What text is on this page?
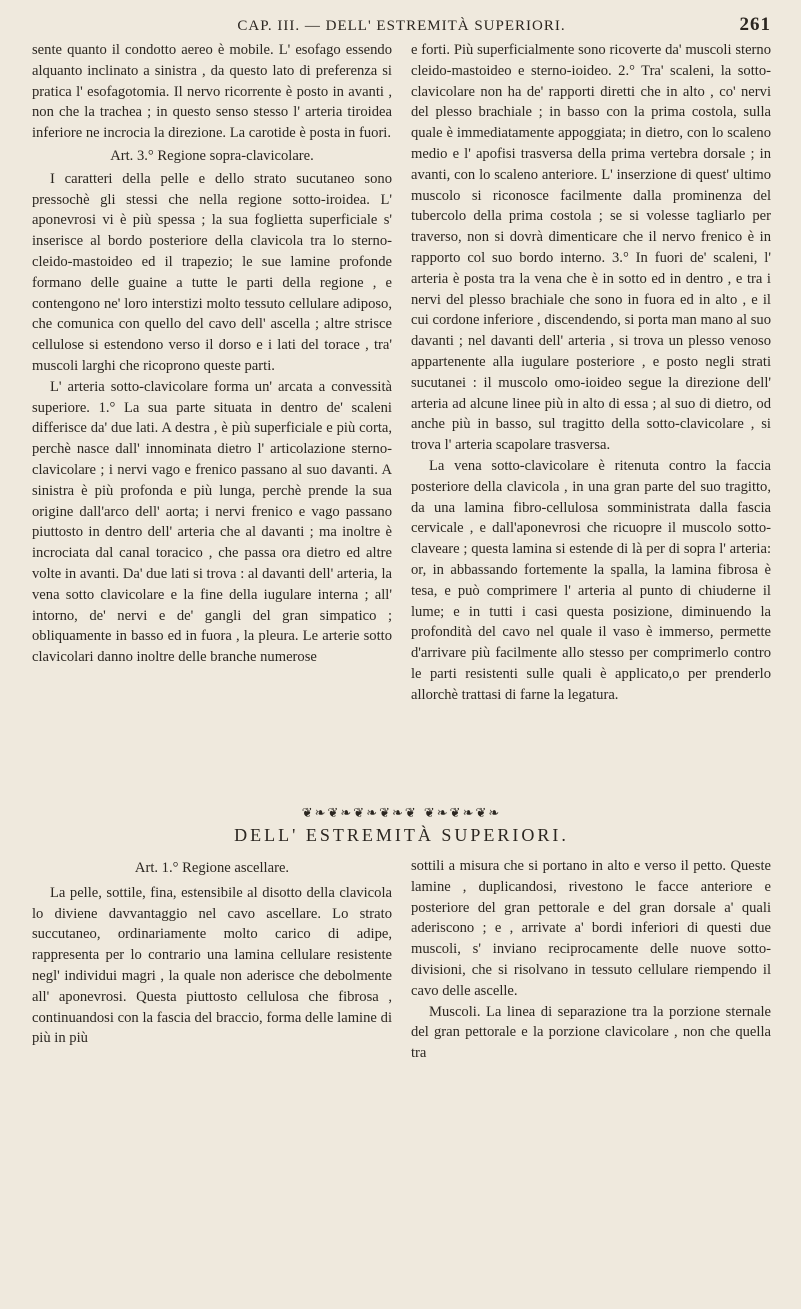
CAP. III. — DELL' ESTREMITÀ SUPERIORI.	261

sente quanto il condotto aereo è mobile. L' esofago essendo alquanto inclinato a sinistra , da questo lato di preferenza si pratica l' esofagotomia. Il nervo ricorrente è posto in avanti , non che la trachea ; in questo senso stesso l' arteria tiroidea inferiore ne incrocia la direzione. La carotide è posta in fuori.

Art. 3.° Regione sopra-clavicolare.

I caratteri della pelle e dello strato sucutaneo sono pressochè gli stessi che nella regione sotto-iroidea. L' aponevrosi vi è più spessa ; la sua foglietta superficiale s' inserisce al bordo posteriore della clavicola tra lo sterno-cleido-mastoideo ed il trapezio; le sue lamine profonde formano delle guaine a tutte le parti della regione , e contengono ne' loro interstizi molto tessuto cellulare adiposo, che comunica con quello del cavo dell' ascella ; altre strisce cellulose si estendono verso il dorso e i lati del torace , tra' muscoli larghi che ricoprono queste parti.

L' arteria sotto-clavicolare forma un' arcata a convessità superiore. 1.° La sua parte situata in dentro de' scaleni differisce da' due lati. A destra , è più superficiale e più corta, perchè nasce dall' innominata dietro l' articolazione sterno-clavicolare ; i nervi vago e frenico passano al suo davanti. A sinistra è più profonda e più lunga, perchè prende la sua origine dall'arco dell' aorta; i nervi frenico e vago passano piuttosto in dentro dell' arteria che al davanti ; ma inoltre è incrociata dal canal toracico , che passa ora dietro ed altre volte in avanti. Da' due lati si trova : al davanti dell' arteria, la vena sotto clavicolare e la fine della iugulare interna ; all' intorno, de' nervi e de' gangli del gran simpatico ; obliquamente in basso ed in fuora , la pleura. Le arterie sotto clavicolari danno inoltre delle branche numerose

e forti. Più superficialmente sono ricoverte da' muscoli sterno cleido-mastoideo e sterno-ioideo. 2.° Tra' scaleni, la sotto-clavicolare non ha de' rapporti diretti che in alto , co' nervi del plesso brachiale ; in basso con la prima costola, sulla quale è immediatamente appoggiata; in dietro, con lo scaleno medio e l' apofisi trasversa della prima vertebra dorsale ; in avanti, con lo scaleno anteriore. L' inserzione di quest' ultimo muscolo si riconosce facilmente dalla prominenza del tubercolo della prima costola ; se si volesse tagliarlo per traverso, non si dovrà dimenticare che il nervo frenico è in rapporto col suo bordo interno. 3.° In fuori de' scaleni, l' arteria è posta tra la vena che è in sotto ed in dentro , e tra i nervi del plesso brachiale che sono in fuora ed in alto , e il cui cordone inferiore , discendendo, si porta man mano al suo davanti ; nel davanti dell' arteria , si trova un plesso venoso appartenente alla iugulare posteriore , e posto negli strati sucutanei : il muscolo omo-ioideo segue la direzione dell' arteria ad alcune linee più in alto di essa ; al suo di dietro, od anche più in basso, sul tragitto della sotto-clavicolare , si trova l' arteria scapolare trasversa.

La vena sotto-clavicolare è ritenuta contro la faccia posteriore della clavicola , in una gran parte del suo tragitto, da una lamina fibro-cellulosa somministrata dalla fascia cervicale , e dall'aponevrosi che ricuopre il muscolo sotto-claveare ; questa lamina si estende di là per di sopra l' arteria: or, in abbassando fortemente la spalla, la lamina fibrosa è tesa, e può comprimere l' arteria al punto di chiuderne il lume; e in tutti i casi questa posizione, diminuendo la profondità del cavo nel quale il vaso è immerso, permette d'arrivare più facilmente allo stesso per comprimerlo contro le parti resistenti sulle quali è applicato,o per prenderlo allorchè trattasi di farne la legatura.

❦❧❦❧❦❧❦❧❦ ❦❧❦❧❦❧
DELL' ESTREMITÀ SUPERIORI.

Art. 1.° Regione ascellare.

La pelle, sottile, fina, estensibile al disotto della clavicola lo diviene davvantaggio nel cavo ascellare. Lo strato succutaneo, ordinariamente molto carico di adipe, rappresenta per lo contrario una lamina cellulare resistente negl' individui magri , la quale non aderisce che debolmente all' aponevrosi. Questa piuttosto cellulosa che fibrosa , continuandosi con la fascia del braccio, forma delle lamine di più in più

sottili a misura che si portano in alto e verso il petto. Queste lamine , duplicandosi, rivestono le facce anteriore e posteriore del gran pettorale e del gran dorsale a' quali aderiscono ; e , arrivate a' bordi inferiori di questi due muscoli, s' inviano reciprocamente delle nuove sotto-divisioni, che si risolvano in tessuto cellulare riempendo il cavo delle ascelle.

Muscoli. La linea di separazione tra la porzione sternale del gran pettorale e la porzione clavicolare , non che quella tra
